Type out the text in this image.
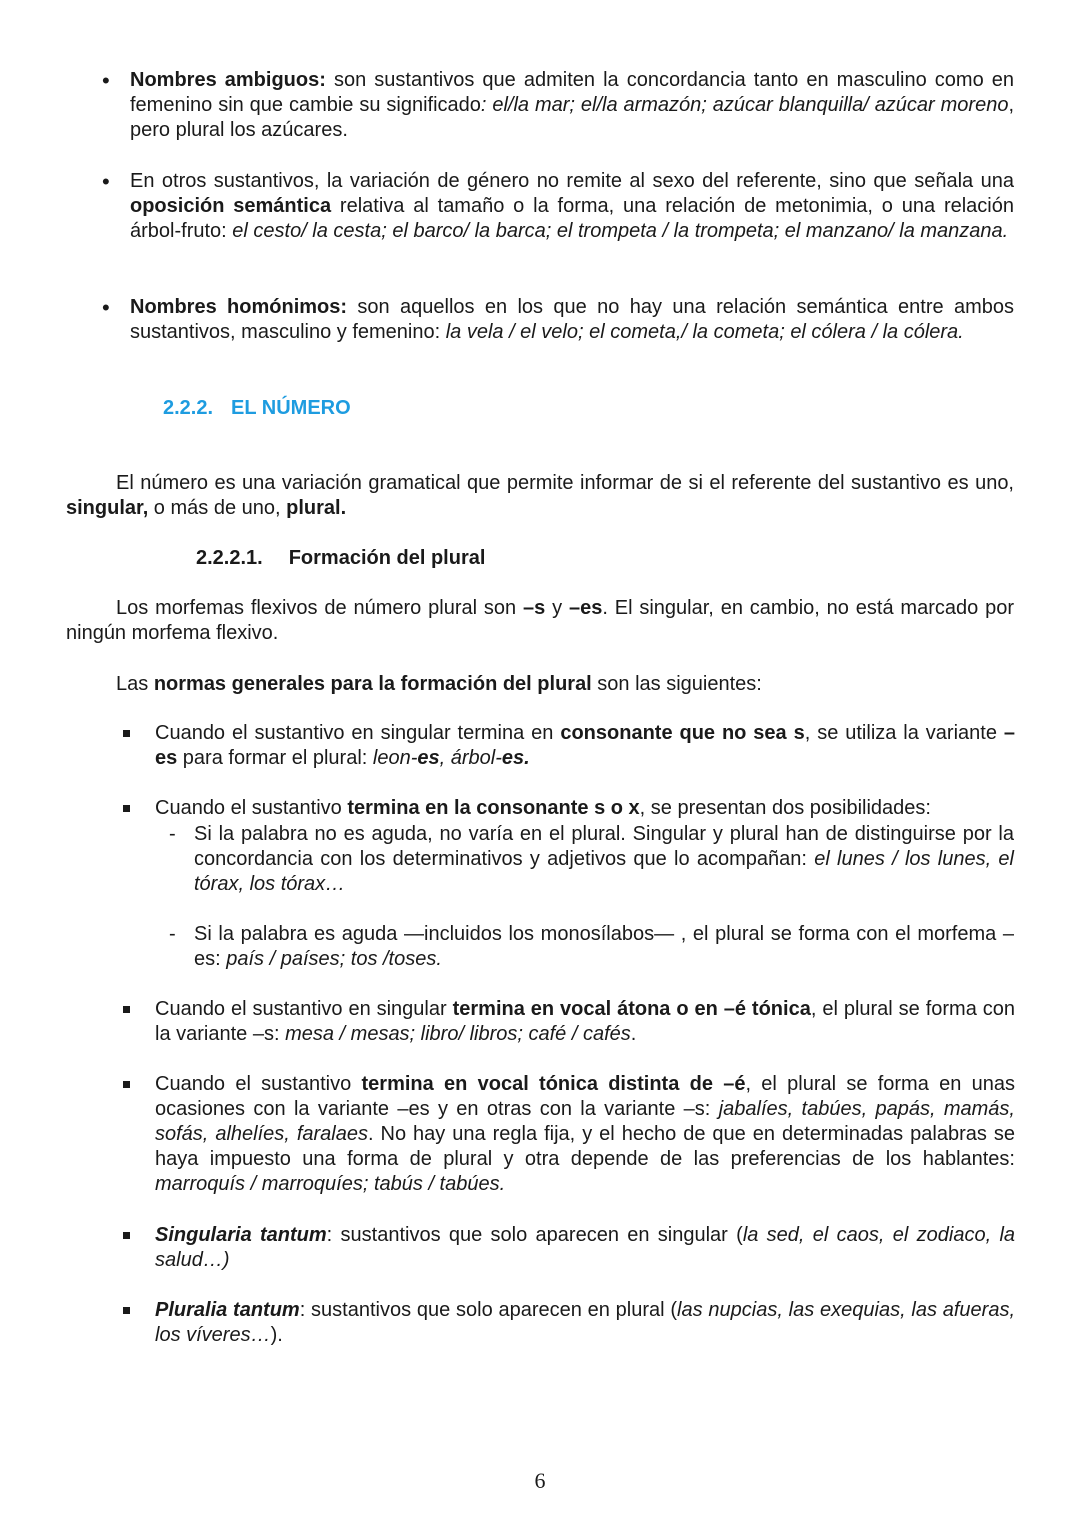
• Nombres ambiguos: son sustantivos que admiten la concordancia tanto en masculino como en femenino sin que cambie su significado: el/la mar; el/la armazón; azúcar blanquilla/ azúcar moreno, pero plural los azúcares.
• En otros sustantivos, la variación de género no remite al sexo del referente, sino que señala una oposición semántica relativa al tamaño o la forma, una relación de metonimia, o una relación árbol-fruto: el cesto/ la cesta; el barco/ la barca; el trompeta / la trompeta; el manzano/ la manzana.
• Nombres homónimos: son aquellos en los que no hay una relación semántica entre ambos sustantivos, masculino y femenino: la vela / el velo; el cometa,/ la cometa; el cólera / la cólera.
2.2.2. EL NÚMERO
El número es una variación gramatical que permite informar de si el referente del sustantivo es uno, singular, o más de uno, plural.
2.2.2.1. Formación del plural
Los morfemas flexivos de número plural son –s y –es. El singular, en cambio, no está marcado por ningún morfema flexivo.
Las normas generales para la formación del plural son las siguientes:
Cuando el sustantivo en singular termina en consonante que no sea s, se utiliza la variante –es para formar el plural: leon-es, árbol-es.
Cuando el sustantivo termina en la consonante s o x, se presentan dos posibilidades:
- Si la palabra no es aguda, no varía en el plural. Singular y plural han de distinguirse por la concordancia con los determinativos y adjetivos que lo acompañan: el lunes / los lunes, el tórax, los tórax…
- Si la palabra es aguda —incluidos los monosílabos— , el plural se forma con el morfema –es: país / países; tos /toses.
Cuando el sustantivo en singular termina en vocal átona o en –é tónica, el plural se forma con la variante –s: mesa / mesas; libro/ libros; café / cafés.
Cuando el sustantivo termina en vocal tónica distinta de –é, el plural se forma en unas ocasiones con la variante –es y en otras con la variante –s: jabalíes, tabúes, papás, mamás, sofás, alhelíes, faralaes. No hay una regla fija, y el hecho de que en determinadas palabras se haya impuesto una forma de plural y otra depende de las preferencias de los hablantes: marroquís / marroquíes; tabús / tabúes.
Singularia tantum: sustantivos que solo aparecen en singular (la sed, el caos, el zodiaco, la salud…)
Pluralia tantum: sustantivos que solo aparecen en plural (las nupcias, las exequias, las afueras, los víveres…).
6
